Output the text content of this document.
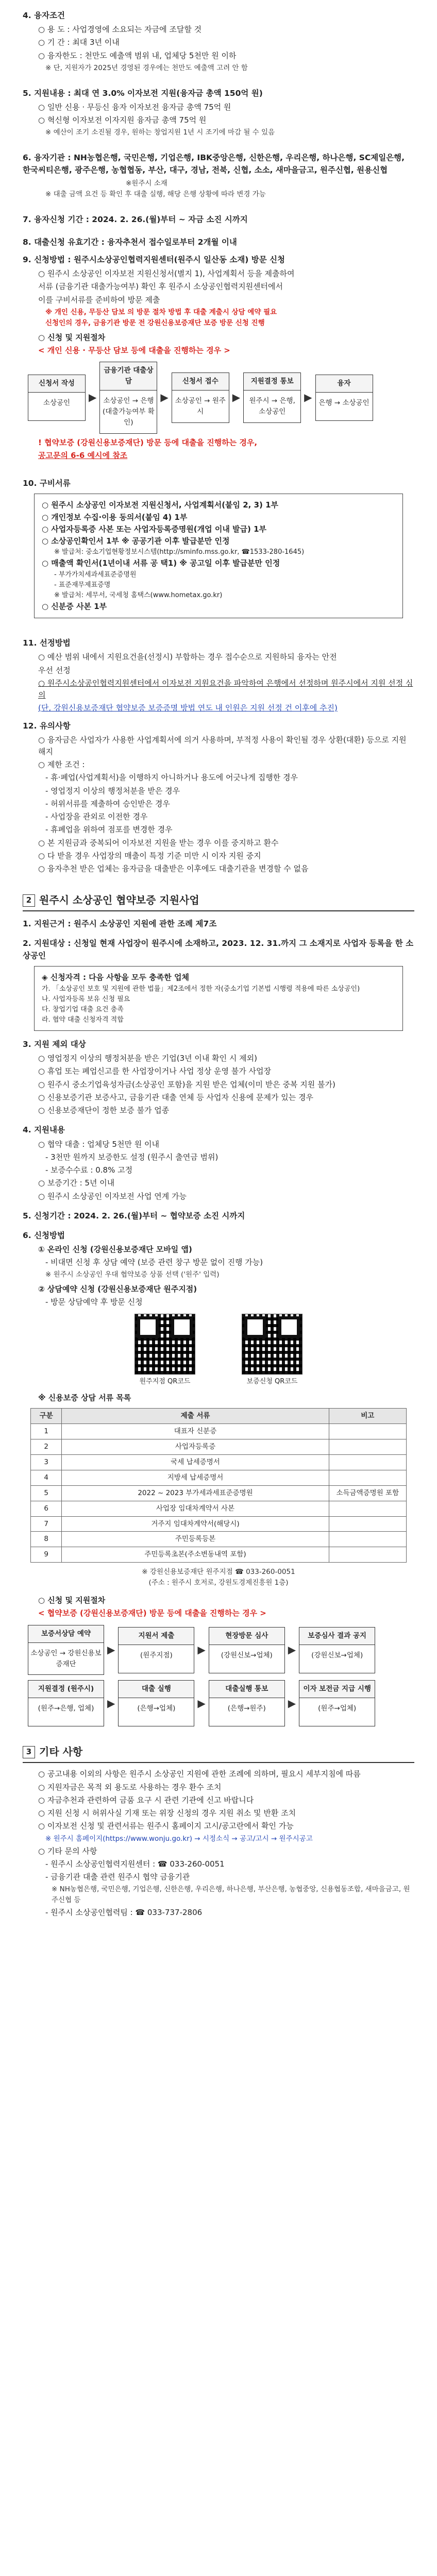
4. 융자조건
○ 용 도 : 사업경영에 소요되는 자금에 조달할 것
○ 기 간 : 최대 3년 이내
○ 융자한도 : 천만도 예출액 범위 내, 업체당 5천만 원 이하
※ 단, 지원자가 2025년 경영된 경우에는 천만도 예출액 고려 안 함
5. 지원내용 : 최대 연 3.0% 이자보전 지원(융자금 총액 150억 원)
○ 일반 신용 · 무등신 융자 이자보전 융자금 총액 75억 원
○ 혁신형 이자보전 이자지원 융자금 총액 75억 원
※ 예산이 조기 소진될 경우, 원하는 창업지원 1년 시 조기에 마감 될 수 있음
6. 융자기관 : NH농협은행, 국민은행, 기업은행, IBK중앙은행, 신한은행, 우리은행, 하나은행, SC제일은행, 한국씨티은행, 광주은행, 농협협동, 부산, 대구, 경남, 전북, 신협, 소소, 새마을금고, 원주신협, 원용신협
※원주시 소재
※ 대출 금액 요건 등 확인 후 대출 실행, 해당 은행 상황에 따라 변경 가능
7. 융자신청 기간 : 2024. 2. 26.(월)부터 ~ 자금 소진 시까지
8. 대출신청 유효기간 : 융자추천서 접수일로부터 2개월 이내
9. 신청방법 : 원주시소상공인협력지원센터(원주시 일산동 소재) 방문 신청
○ 원주시 소상공인 이자보전 지원신청서(별지 1), 사업계획서 등을 제출하여
서류 (금융기관 대출가능여부) 확인 후 원주시 소상공인협력지원센터에서
이를 구비서류를 준비하여 방문 제출
※ 개인 신용, 무등산 담보 의 방문 절차 방법 후 대출 계출시 상담 예약 필요
신청인의 경우, 금융기관 방문 전 강원신용보증재단 보증 방문 신청 진행
○ 신청 및 지원절차
< 개인 신용 · 무등산 담보 등에 대출을 진행하는 경우 >
신청서 작성
소상공인	▶
금융기관 대출상담
소상공인 → 은행 (대출가능여부 확인)
▶
신청서 접수
소상공인 → 원주시
▶
지원결정 통보
원주시 → 은행,소상공인
▶
융자
은행 → 소상공인
! 협약보증 (강원신용보증재단) 방문 등에 대출을 진행하는 경우,
공고문의 6-6 예시에 참조
10. 구비서류
○ 원주시 소상공인 이자보전 지원신청서, 사업계획서(붙임 2, 3) 1부
○ 개인정보 수집·이용 동의서(붙임 4) 1부
○ 사업자등록증 사본 또는 사업자등록증명원(개업 이내 발급) 1부
○ 소상공인확인서 1부 ※ 공공기관 이후 발급분만 인정
※ 발급처: 중소기업현황정보시스템(http://sminfo.mss.go.kr, ☎1533-280-1645)
○ 매출액 확인서(1년이내 서류 공 택1) ※ 공고일 이후 발급분만 인정
- 부가가치세과세표준증명원
- 표준재무제표증명
※ 발급처: 세무서, 국세청 홈택스(www.hometax.go.kr)
○ 신분증 사본 1부
11. 선정방법
○ 예산 범위 내에서 지원요건을(선정시) 부합하는 경우 접수순으로 지원하되 융자는 안전
우선 선정
○ 원주시소상공인협력지원센터에서 이자보전 지원요건을 파악하여 은행에서 선정하며 원주시에서 지원 선정 심의
(단, 강원신용보증재단 협약보증 보증증명 방법 연도 내 인원은 지원 선정 건 이후에 추진)
12. 유의사항
○ 융자금은 사업자가 사용한 사업계획서에 의거 사용하며, 부적정 사용이 확인될 경우 상환(대환) 등으로 지원 해지
○ 제한 조건 :
- 휴·폐업(사업계획서)을 이행하지 아니하거나 용도에 어긋나게 집행한 경우
- 영업정지 이상의 행정처분을 받은 경우
- 허위서류를 제출하여 승인받은 경우
- 사업장을 관외로 이전한 경우
- 휴폐업을 위하여 점포를 변경한 경우
○ 본 지원금과 중복되어 이자보전 지원을 받는 경우 이를 중지하고 환수
○ 다 받을 경우 사업장의 매출이 특정 기준 미만 시 이자 지원 중지
○ 융자추천 받은 업체는 융자금을 대출받은 이후에도 대출기관을 변경할 수 없음
2 원주시 소상공인 협약보증 지원사업
1. 지원근거 : 원주시 소상공인 지원에 관한 조례 제7조
2. 지원대상 : 신청일 현재 사업장이 원주시에 소재하고, 2023. 12. 31.까지 그 소재지로 사업자 등록을 한 소상공인
◈ 신청자격 : 다음 사항을 모두 충족한 업체
가. 「소상공인 보호 및 지원에 관한 법률」제2조에서 정한 자(중소기업 기본법 시행령 적용에 따른 소상공인)
나. 사업자등록 보유 신청 필요
다. 창업기업 대출 요건 충족
라. 협약 대출 신청자격 적합
3. 지원 제외 대상
○ 영업정지 이상의 행정처분을 받은 기업(3년 이내 확인 시 제외)
○ 휴업 또는 폐업신고를 한 사업장이거나 사업 정상 운영 불가 사업장
○ 원주시 중소기업육성자금(소상공인 포함)을 지원 받은 업체(이미 받은 중복 지원 불가)
○ 신용보증기관 보증사고, 금융기관 대출 연체 등 사업자 신용에 문제가 있는 경우
○ 신용보증재단이 정한 보증 불가 업종
4. 지원내용
○ 협약 대출 : 업체당 5천만 원 이내
- 3천만 원까지 보증한도 설정 (원주시 출연금 범위)
- 보증수수료 : 0.8% 고정
○ 보증기간 : 5년 이내
○ 원주시 소상공인 이자보전 사업 연계 가능
5. 신청기간 : 2024. 2. 26.(월)부터 ~ 협약보증 소진 시까지
6. 신청방법
① 온라인 신청 (강원신용보증재단 모바일 앱)
- 비대면 신청 후 상담 예약 (보증 관련 창구 방문 없이 진행 가능)
※ 원주시 소상공인 우대 협약보증 상품 선택 ('원주' 입력)
② 상담예약 신청 (강원신용보증재단 원주지점)
- 방문 상담예약 후 방문 신청
원주지점 QR코드	보증신청 QR코드
※ 신용보증 상담 서류 목록
구분	제출 서류	비고
1	대표자 신분증	
2	사업자등록증	
3	국세 납세증명서	
4	지방세 납세증명서	
5	2022 ~ 2023 부가세과세표준증명원	소득금액증명원 포함
6	사업장 임대차계약서 사본	
7	거주지 임대차계약서(해당시)	
8	주민등록등본	
9	주민등록초본(주소변동내역 포함)	
※ 강원신용보증재단 원주지점 ☎ 033-260-0051
(주소 : 원주시 호저로, 강원도경제진흥원 1층)
○ 신청 및 지원절차
< 협약보증 (강원신용보증재단) 방문 등에 대출을 진행하는 경우 >
보증서상담 예약
소상공인 → 강원신용보증재단
▶
지원서 제출
(원주지점)	▶
현장방문 심사
(강원신보→업체)	▶
보증심사 결과 공지
(강원신보→업체)
지원결정 (원주시)
(원주→은행, 업체)	▶
대출 실행
(은행→업체)	▶
대출실행 통보
(은행→원주)	▶
이자 보전금 지급 시행
(원주→업체)
3 기타 사항
○ 공고내용 이외의 사항은 원주시 소상공인 지원에 관한 조례에 의하며, 필요시 세부지침에 따름
○ 지원자금은 목적 외 용도로 사용하는 경우 환수 조치
○ 자금추천과 관련하여 금품 요구 시 관련 기관에 신고 바랍니다
○ 지원 신청 시 허위사실 기재 또는 위장 신청의 경우 지원 취소 및 반환 조치
○ 이자보전 신청 및 관련서류는 원주시 홈페이지 고시/공고란에서 확인 가능
※ 원주시 홈페이지(https://www.wonju.go.kr) → 시정소식 → 공고/고시 → 원주시공고
○ 기타 문의 사항
- 원주시 소상공인협력지원센터 : ☎ 033-260-0051
- 금융기관 대출 관련 원주시 협약 금융기관
※ NH농협은행, 국민은행, 기업은행, 신한은행, 우리은행, 하나은행, 부산은행, 농협중앙, 신용협동조합, 새마을금고, 원주신협 등
- 원주시 소상공인협력팀 : ☎ 033-737-2806
